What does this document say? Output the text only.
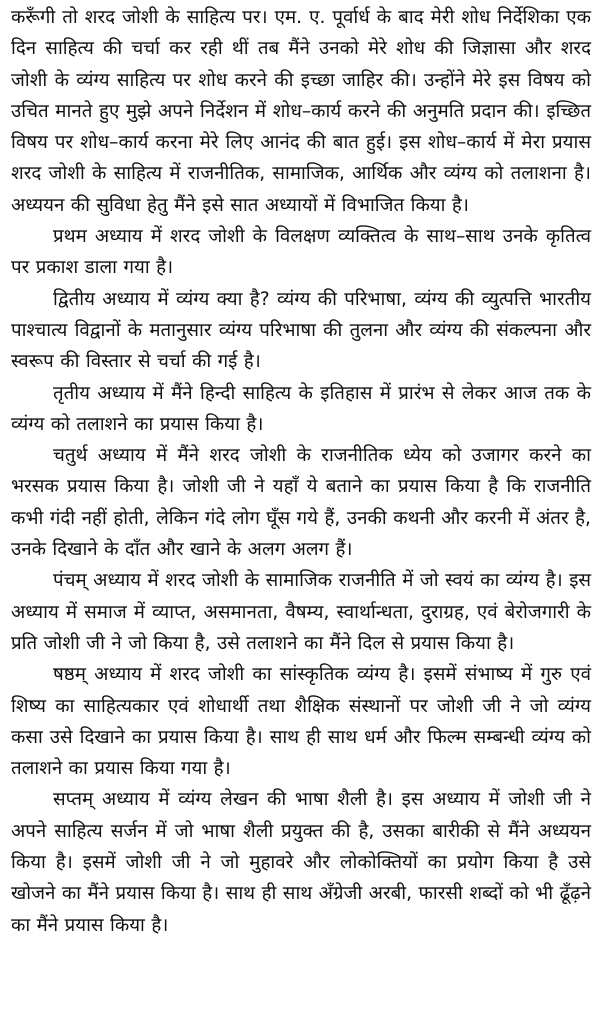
करूँगी तो शरद जोशी के साहित्य पर। एम. ए. पूर्वार्ध के बाद मेरी शोध निर्देशिका एक दिन साहित्य की चर्चा कर रही थीं तब मैंने उनको मेरे शोध की जिज्ञासा और शरद जोशी के व्यंग्य साहित्य पर शोध करने की इच्छा जाहिर की। उन्होंने मेरे इस विषय को उचित मानते हुए मुझे अपने निर्देशन में शोध–कार्य करने की अनुमति प्रदान की। इच्छित विषय पर शोध–कार्य करना मेरे लिए आनंद की बात हुई। इस शोध–कार्य में मेरा प्रयास शरद जोशी के साहित्य में राजनीतिक, सामाजिक, आर्थिक और व्यंग्य को तलाशना है। अध्ययन की सुविधा हेतु मैंने इसे सात अध्यायों में विभाजित किया है।

प्रथम अध्याय में शरद जोशी के विलक्षण व्यक्तित्व के साथ–साथ उनके कृतित्व पर प्रकाश डाला गया है।

द्वितीय अध्याय में व्यंग्य क्या है? व्यंग्य की परिभाषा, व्यंग्य की व्युत्पत्ति भारतीय पाश्चात्य विद्वानों के मतानुसार व्यंग्य परिभाषा की तुलना और व्यंग्य की संकल्पना और स्वरूप की विस्तार से चर्चा की गई है।

तृतीय अध्याय में मैंने हिन्दी साहित्य के इतिहास में प्रारंभ से लेकर आज तक के व्यंग्य को तलाशने का प्रयास किया है।

चतुर्थ अध्याय में मैंने शरद जोशी के राजनीतिक ध्येय को उजागर करने का भरसक प्रयास किया है। जोशी जी ने यहाँ ये बताने का प्रयास किया है कि राजनीति कभी गंदी नहीं होती, लेकिन गंदे लोग घूँस गये हैं, उनकी कथनी और करनी में अंतर है, उनके दिखाने के दाँत और खाने के अलग अलग हैं।

पंचम् अध्याय में शरद जोशी के सामाजिक राजनीति में जो स्वयं का व्यंग्य है। इस अध्याय में समाज में व्याप्त, असमानता, वैषम्य, स्वार्थान्धता, दुराग्रह, एवं बेरोजगारी के प्रति जोशी जी ने जो किया है, उसे तलाशने का मैंने दिल से प्रयास किया है।

षष्ठम् अध्याय में शरद जोशी का सांस्कृतिक व्यंग्य है। इसमें संभाष्य में गुरु एवं शिष्य का साहित्यकार एवं शोधार्थी तथा शैक्षिक संस्थानों पर जोशी जी ने जो व्यंग्य कसा उसे दिखाने का प्रयास किया है। साथ ही साथ धर्म और फिल्म सम्बन्धी व्यंग्य को तलाशने का प्रयास किया गया है।

सप्तम् अध्याय में व्यंग्य लेखन की भाषा शैली है। इस अध्याय में जोशी जी ने अपने साहित्य सर्जन में जो भाषा शैली प्रयुक्त की है, उसका बारीकी से मैंने अध्ययन किया है। इसमें जोशी जी ने जो मुहावरे और लोकोक्तियों का प्रयोग किया है उसे खोजने का मैंने प्रयास किया है। साथ ही साथ अँग्रेजी अरबी, फारसी शब्दों को भी ढूँढ़ने का मैंने प्रयास किया है।
